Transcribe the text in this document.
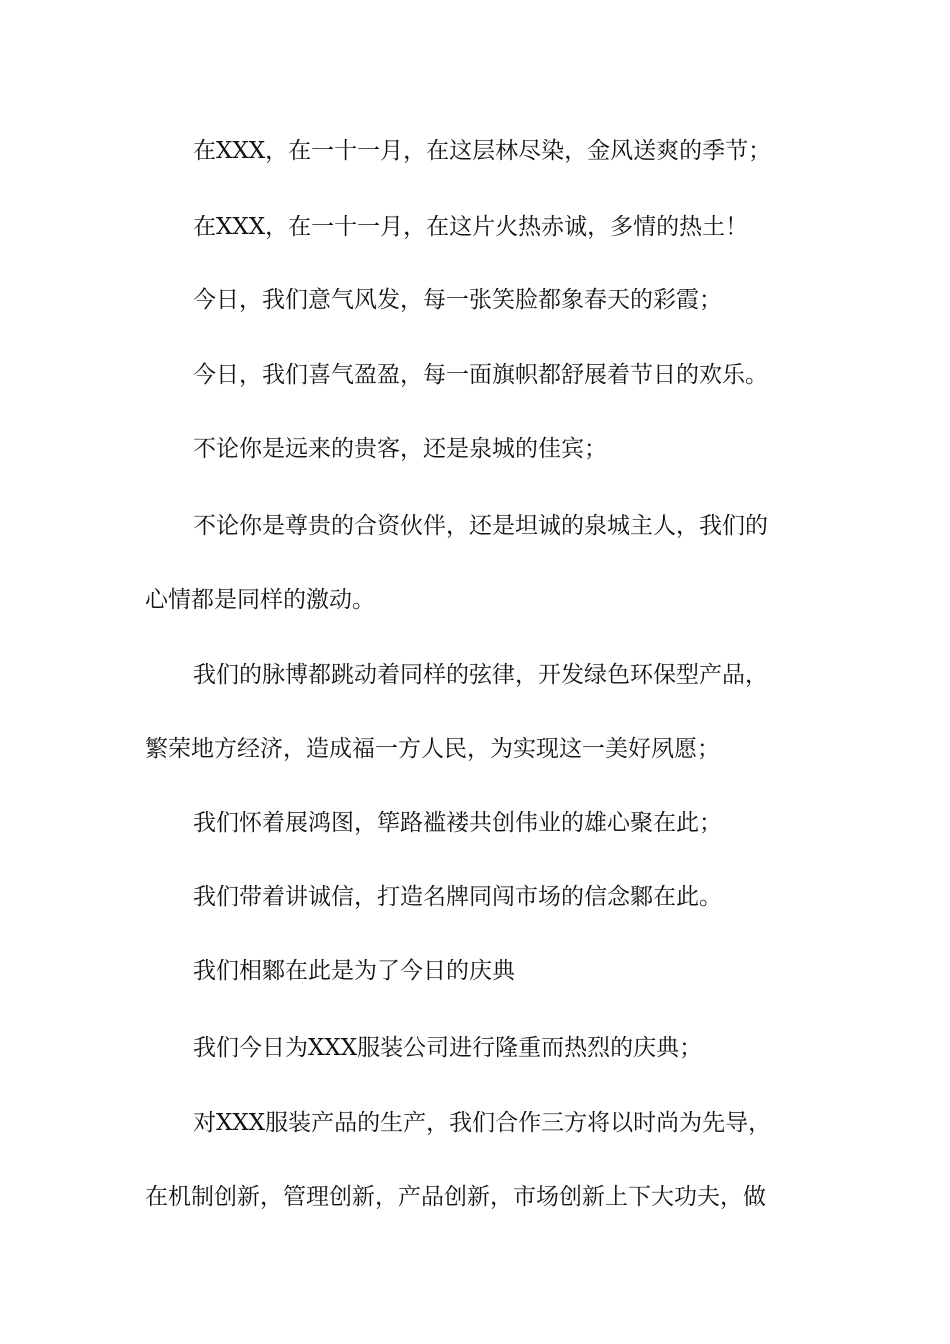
在XXX，在一十一月，在这层林尽染，金风送爽的季节；

在XXX，在一十一月，在这片火热赤诚，多情的热土！

今日，我们意气风发，每一张笑脸都象春天的彩霞；

今日，我们喜气盈盈，每一面旗帜都舒展着节日的欢乐。

不论你是远来的贵客，还是泉城的佳宾；

不论你是尊贵的合资伙伴，还是坦诚的泉城主人，我们的

心情都是同样的激动。

我们的脉博都跳动着同样的弦律，开发绿色环保型产品，

繁荣地方经济，造成福一方人民，为实现这一美好夙愿；

我们怀着展鸿图，筚路褴褛共创伟业的雄心聚在此；

我们带着讲诚信，打造名牌同闯市场的信念鄹在此。

我们相鄹在此是为了今日的庆典

我们今日为XXX服装公司进行隆重而热烈的庆典；

对XXX服装产品的生产，我们合作三方将以时尚为先导，

在机制创新，管理创新，产品创新，市场创新上下大功夫，做
